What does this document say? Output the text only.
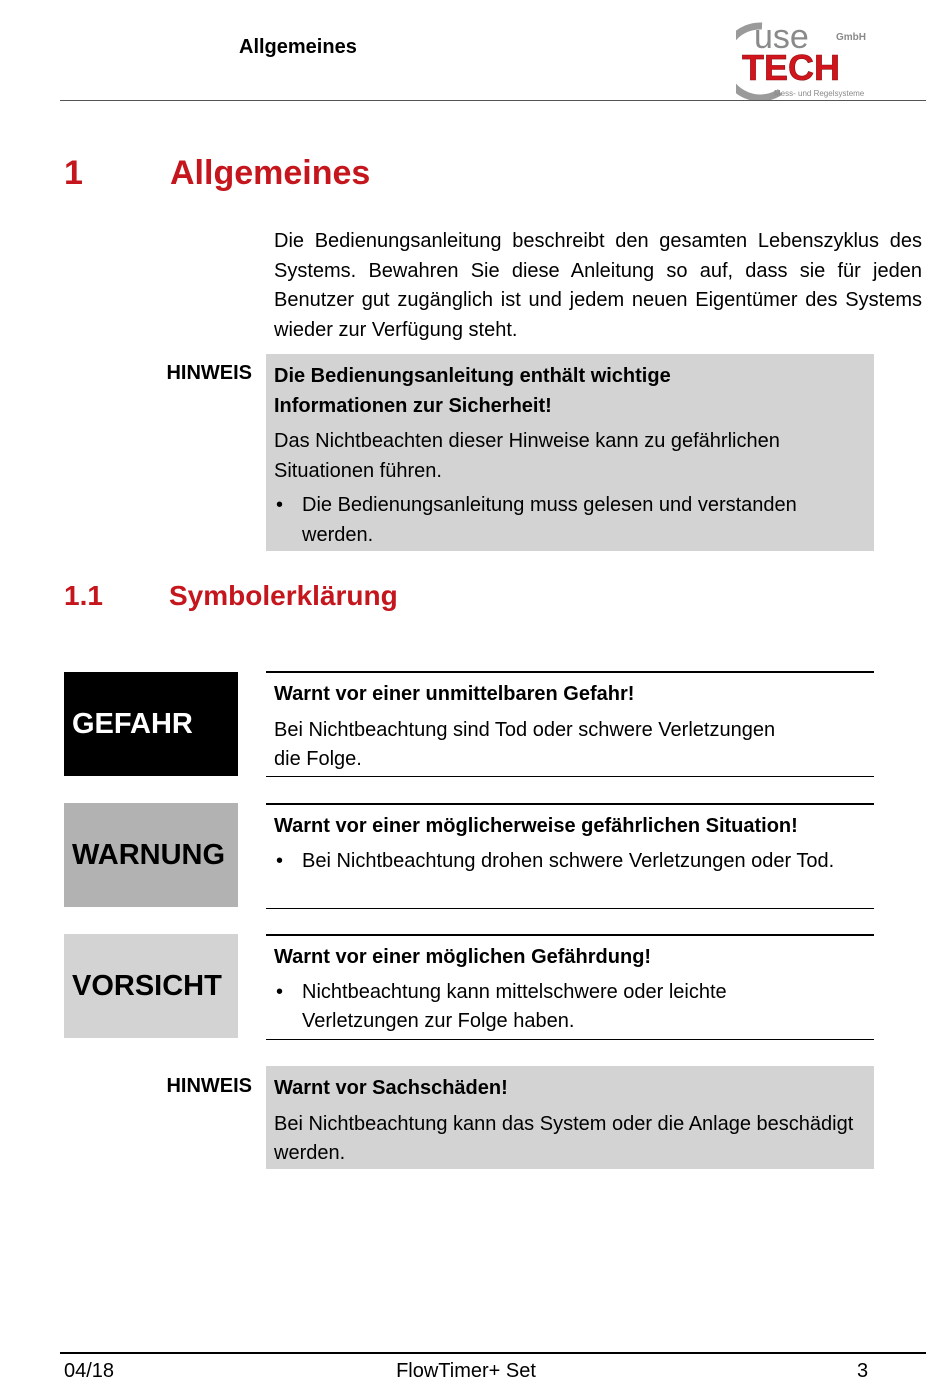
Allgemeines	use	GmbH
TECH
Mess- und Regelsysteme
1	Allgemeines
Die Bedienungsanleitung beschreibt den gesamten Lebenszyklus des Systems. Bewahren Sie diese Anleitung so auf, dass sie für jeden Benutzer gut zugänglich ist und jedem neuen Eigentümer des Systems wieder zur Verfügung steht.
HINWEIS Die Bedienungsanleitung enthält wichtige
Informationen zur Sicherheit!
Das Nichtbeachten dieser Hinweise kann zu gefährlichen Situationen führen.
• Die Bedienungsanleitung muss gelesen und verstanden werden.
1.1 Symbolerklärung
GEFAHR
Warnt vor einer unmittelbaren Gefahr!
Bei Nichtbeachtung sind Tod oder schwere Verletzungen
die Folge.
WARNUNG
Warnt vor einer möglicherweise gefährlichen Situation!
• Bei Nichtbeachtung drohen schwere Verletzungen oder Tod.
VORSICHT
Warnt vor einer möglichen Gefährdung!
• Nichtbeachtung kann mittelschwere oder leichte Verletzungen zur Folge haben.
HINWEIS Warnt vor Sachschäden!
Bei Nichtbeachtung kann das System oder die Anlage beschädigt werden.
04/18	FlowTimer+ Set	3
